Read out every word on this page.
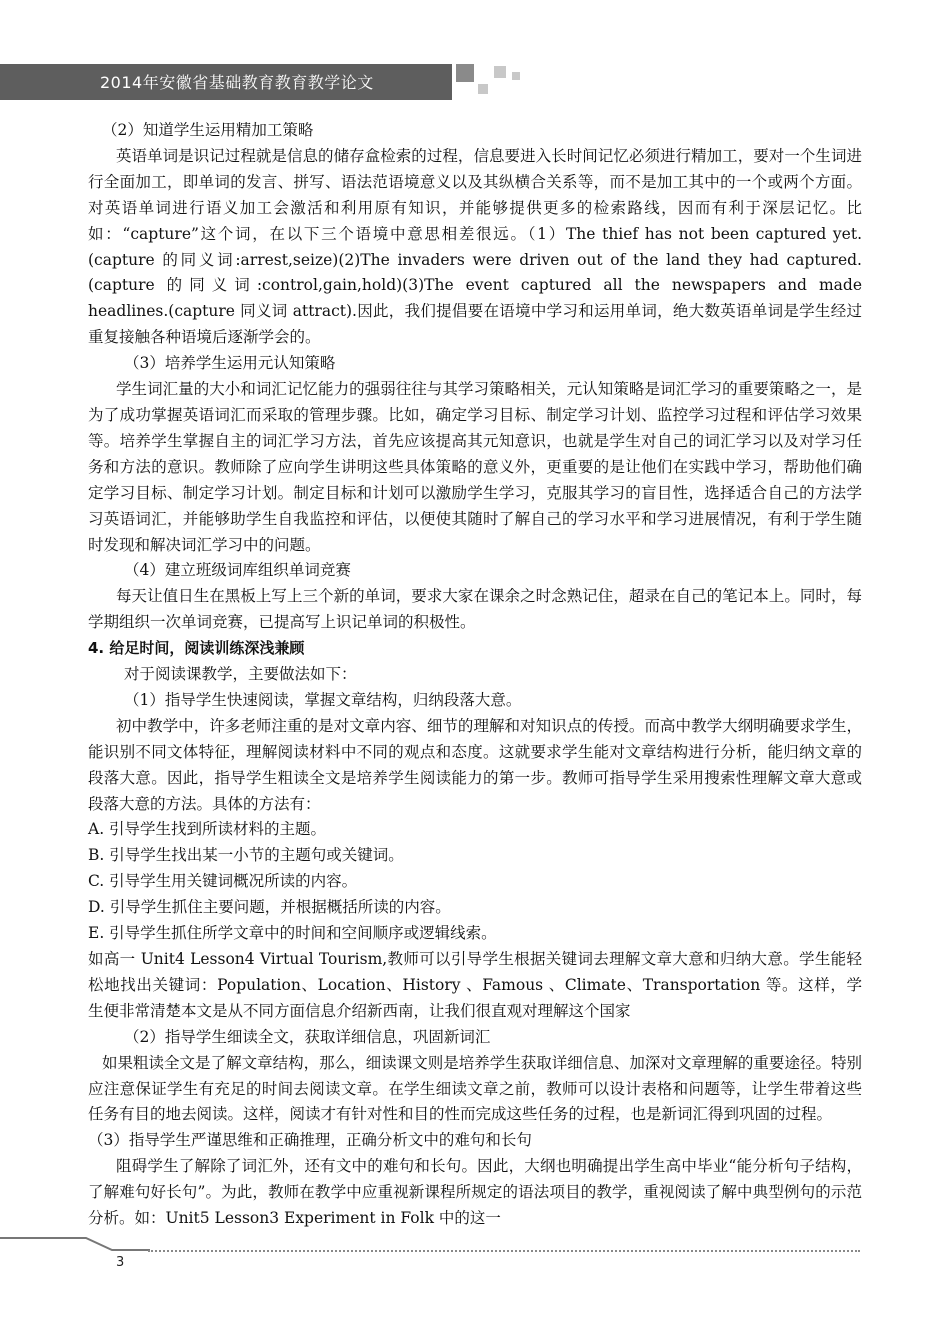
2014年安徽省基础教育教育教学论文

（2）知道学生运用精加工策略

英语单词是识记过程就是信息的储存盒检索的过程，信息要进入长时间记忆必须进行精加工，要对一个生词进行全面加工，即单词的发言、拼写、语法范语境意义以及其纵横合关系等，而不是加工其中的一个或两个方面。对英语单词进行语义加工会激活和利用原有知识，并能够提供更多的检索路线，因而有利于深层记忆。比如：“capture”这个词，在以下三个语境中意思相差很远。（1）The thief has not been captured yet.(capture 的同义词:arrest,seize)(2)The invaders were driven out of the land they had captured.(capture 的同义词:control,gain,hold)(3)The event captured all the newspapers and made headlines.(capture 同义词 attract).因此，我们提倡要在语境中学习和运用单词，绝大数英语单词是学生经过重复接触各种语境后逐渐学会的。

（3）培养学生运用元认知策略

学生词汇量的大小和词汇记忆能力的强弱往往与其学习策略相关，元认知策略是词汇学习的重要策略之一，是为了成功掌握英语词汇而采取的管理步骤。比如，确定学习目标、制定学习计划、监控学习过程和评估学习效果等。培养学生掌握自主的词汇学习方法，首先应该提高其元知意识，也就是学生对自己的词汇学习以及对学习任务和方法的意识。教师除了应向学生讲明这些具体策略的意义外，更重要的是让他们在实践中学习，帮助他们确定学习目标、制定学习计划。制定目标和计划可以激励学生学习，克服其学习的盲目性，选择适合自己的方法学习英语词汇，并能够助学生自我监控和评估，以便使其随时了解自己的学习水平和学习进展情况，有利于学生随时发现和解决词汇学习中的问题。

（4）建立班级词库组织单词竞赛

每天让值日生在黑板上写上三个新的单词，要求大家在课余之时念熟记住，超录在自己的笔记本上。同时，每学期组织一次单词竞赛，已提高写上识记单词的积极性。

4. 给足时间，阅读训练深浅兼顾

对于阅读课教学，主要做法如下：

（1）指导学生快速阅读，掌握文章结构，归纳段落大意。

初中教学中，许多老师注重的是对文章内容、细节的理解和对知识点的传授。而高中教学大纲明确要求学生，能识别不同文体特征，理解阅读材料中不同的观点和态度。这就要求学生能对文章结构进行分析，能归纳文章的段落大意。因此，指导学生粗读全文是培养学生阅读能力的第一步。教师可指导学生采用搜索性理解文章大意或段落大意的方法。具体的方法有：

A. 引导学生找到所读材料的主题。

B. 引导学生找出某一小节的主题句或关键词。

C. 引导学生用关键词概况所读的内容。

D. 引导学生抓住主要问题，并根据概括所读的内容。

E. 引导学生抓住所学文章中的时间和空间顺序或逻辑线索。

如高一 Unit4 Lesson4 Virtual Tourism,教师可以引导学生根据关键词去理解文章大意和归纳大意。学生能轻松地找出关键词：Population、Location、History 、Famous 、Climate、Transportation 等。这样，学生便非常清楚本文是从不同方面信息介绍新西南，让我们很直观对理解这个国家

（2）指导学生细读全文，获取详细信息，巩固新词汇

如果粗读全文是了解文章结构，那么，细读课文则是培养学生获取详细信息、加深对文章理解的重要途径。特别应注意保证学生有充足的时间去阅读文章。在学生细读文章之前，教师可以设计表格和问题等，让学生带着这些任务有目的地去阅读。这样，阅读才有针对性和目的性而完成这些任务的过程，也是新词汇得到巩固的过程。

（3）指导学生严谨思维和正确推理，正确分析文中的难句和长句

阻碍学生了解除了词汇外，还有文中的难句和长句。因此，大纲也明确提出学生高中毕业“能分析句子结构，了解难句好长句”。为此，教师在教学中应重视新课程所规定的语法项目的教学，重视阅读了解中典型例句的示范分析。如：Unit5 Lesson3 Experiment in Folk 中的这一

3
